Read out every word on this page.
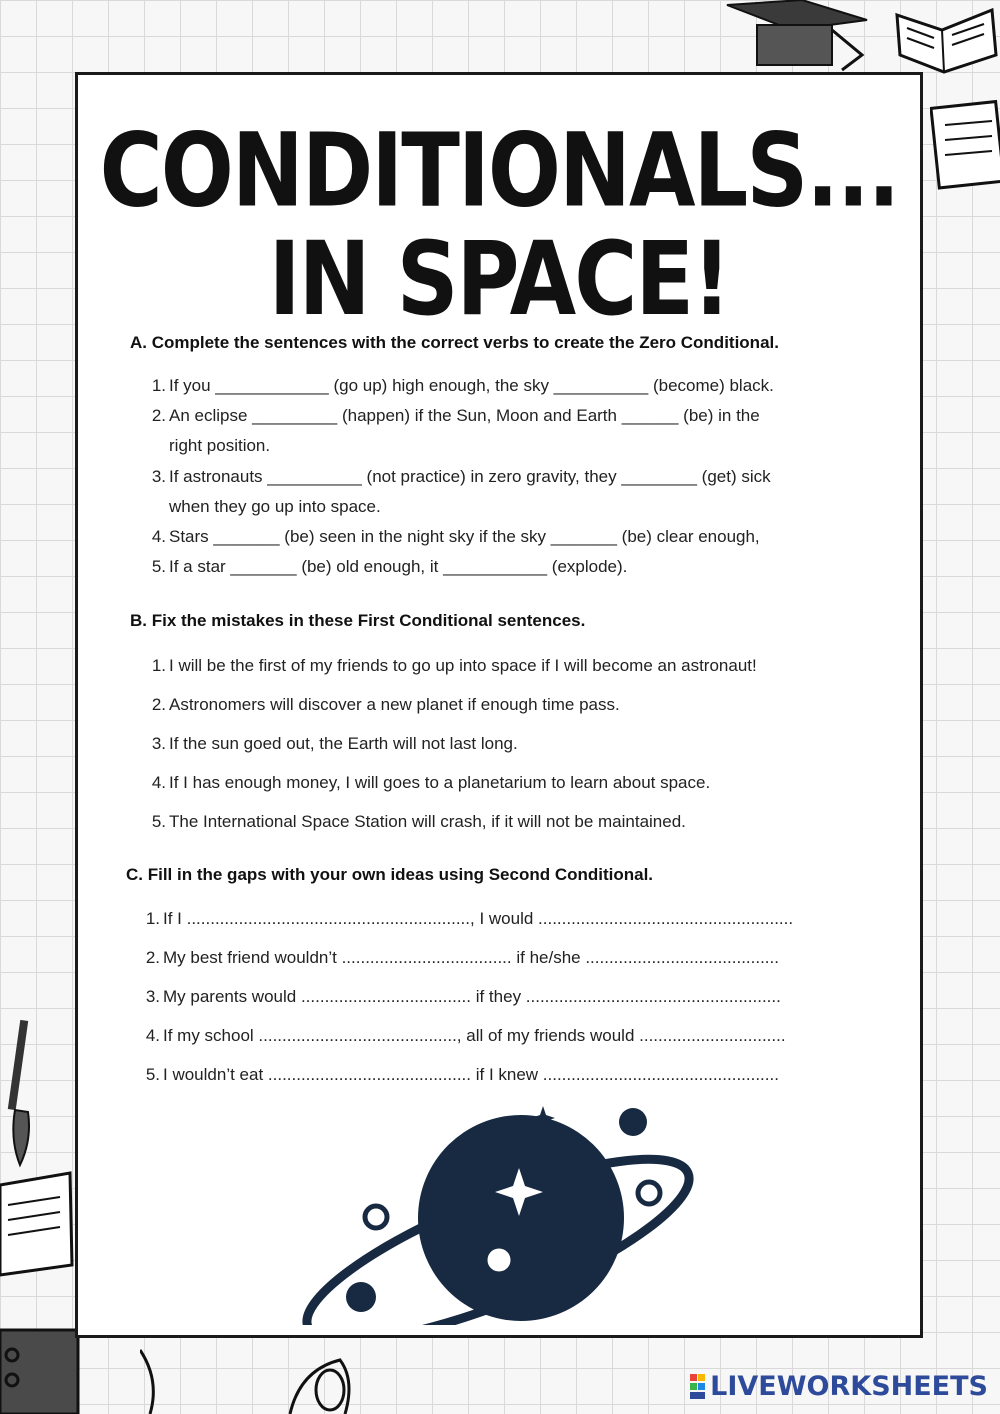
CONDITIONALS...
IN SPACE!
A. Complete the sentences with the correct verbs to create the Zero Conditional.
1. If you ____________ (go up) high enough, the sky __________ (become) black.
2. An eclipse _________ (happen) if the Sun, Moon and Earth ______ (be) in the
right position.
3. If astronauts __________ (not practice) in zero gravity, they ________ (get) sick
when they go up into space.
4. Stars _______ (be) seen in the night sky if the sky _______ (be) clear enough,
5. If a star _______ (be) old enough, it ___________ (explode).
B. Fix the mistakes in these First Conditional sentences.
1. I will be the first of my friends to go up into space if I will become an astronaut!
2. Astronomers will discover a new planet if enough time pass.
3. If the sun goed out, the Earth will not last long.
4. If I has enough money, I will goes to a planetarium to learn about space.
5. The International Space Station will crash, if it will not be maintained.
C. Fill in the gaps with your own ideas using Second Conditional.
1. If I ............................................................, I would ......................................................
2. My best friend wouldn’t .................................... if he/she .........................................
3. My parents would .................................... if they ......................................................
4. If my school .........................................., all of my friends would ...............................
5. I wouldn’t eat ........................................... if I knew ..................................................
LIVEWORKSHEETS
